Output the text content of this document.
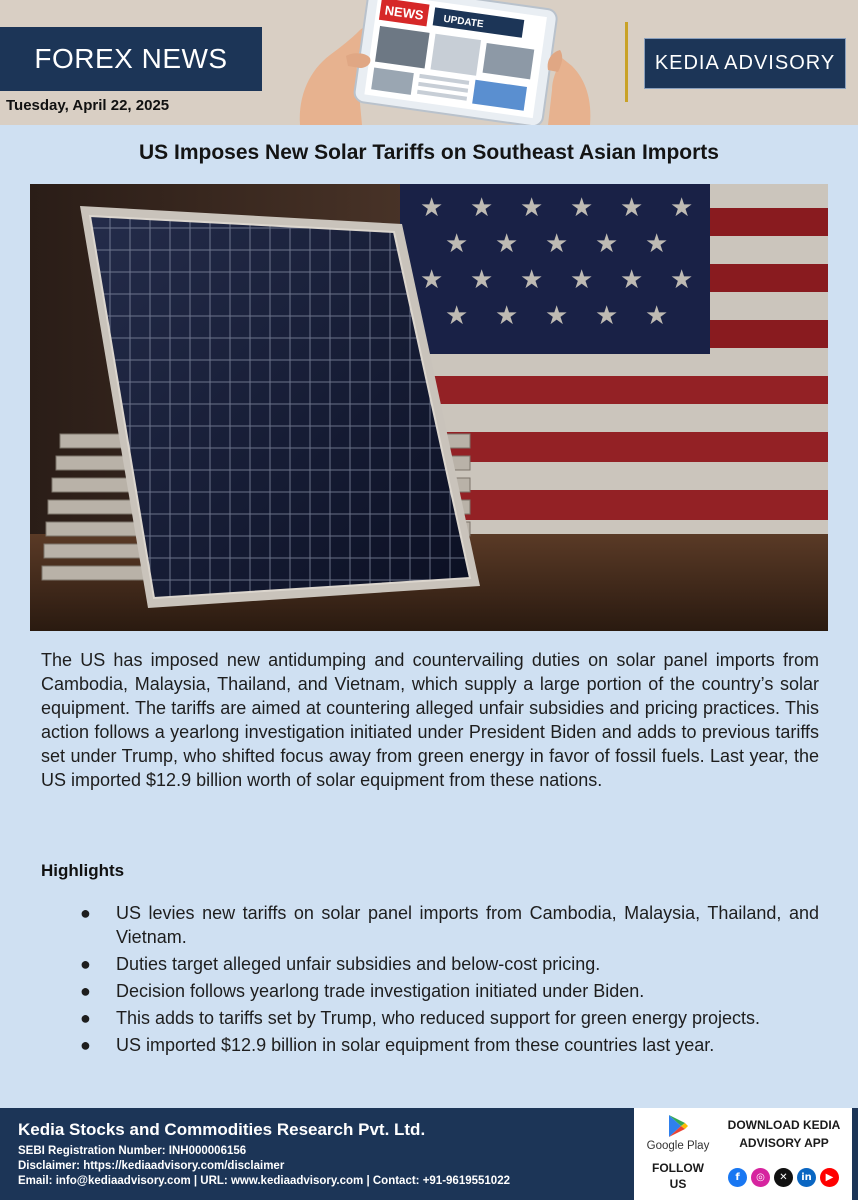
FOREX NEWS
Tuesday, April 22, 2025
NEWS UPDATE
KEDIA ADVISORY
US Imposes New Solar Tariffs on Southeast Asian Imports
★ ★ ★ ★ ★ ★
★ ★ ★ ★ ★
★ ★ ★ ★ ★ ★
★ ★ ★ ★ ★

The US has imposed new antidumping and countervailing duties on solar panel imports from Cambodia, Malaysia, Thailand, and Vietnam, which supply a large portion of the country’s solar equipment. The tariffs are aimed at countering alleged unfair subsidies and pricing practices. This action follows a yearlong investigation initiated under President Biden and adds to previous tariffs set under Trump, who shifted focus away from green energy in favor of fossil fuels. Last year, the US imported $12.9 billion worth of solar equipment from these nations.

Highlights
● US levies new tariffs on solar panel imports from Cambodia, Malaysia, Thailand, and Vietnam.
● Duties target alleged unfair subsidies and below-cost pricing.
● Decision follows yearlong trade investigation initiated under Biden.
● This adds to tariffs set by Trump, who reduced support for green energy projects.
● US imported $12.9 billion in solar equipment from these countries last year.
Kedia Stocks and Commodities Research Pvt. Ltd.
SEBI Registration Number: INH000006156
Disclaimer: https://kediaadvisory.com/disclaimer
Email: info@kediaadvisory.com | URL: www.kediaadvisory.com | Contact: +91-9619551022
Google Play
DOWNLOAD KEDIA
ADVISORY APP
FOLLOW
US	f	◎	✕	in	▶
